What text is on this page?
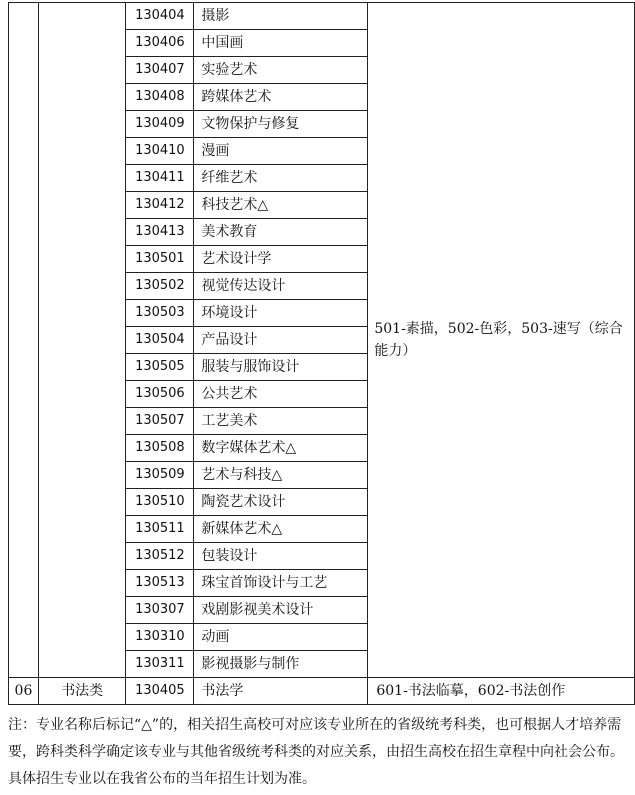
		130404	摄影	501-素描，502-色彩，503-速写（综合能力）
		130406	中国画	
		130407	实验艺术	
		130408	跨媒体艺术	
		130409	文物保护与修复	
		130410	漫画	
		130411	纤维艺术	
		130412	科技艺术△	
		130413	美术教育	
		130501	艺术设计学	
		130502	视觉传达设计	
		130503	环境设计	
		130504	产品设计	
		130505	服装与服饰设计	
		130506	公共艺术	
		130507	工艺美术	
		130508	数字媒体艺术△	
		130509	艺术与科技△	
		130510	陶瓷艺术设计	
		130511	新媒体艺术△	
		130512	包装设计	
		130513	珠宝首饰设计与工艺	
		130307	戏剧影视美术设计	
		130310	动画	
		130311	影视摄影与制作	
06	书法类	130405	书法学	601-书法临摹，602-书法创作
注：专业名称后标记“△”的，相关招生高校可对应该专业所在的省级统考科类，也可根据人才培养需要，跨科类科学确定该专业与其他省级统考科类的对应关系，由招生高校在招生章程中向社会公布。具体招生专业以在我省公布的当年招生计划为准。
